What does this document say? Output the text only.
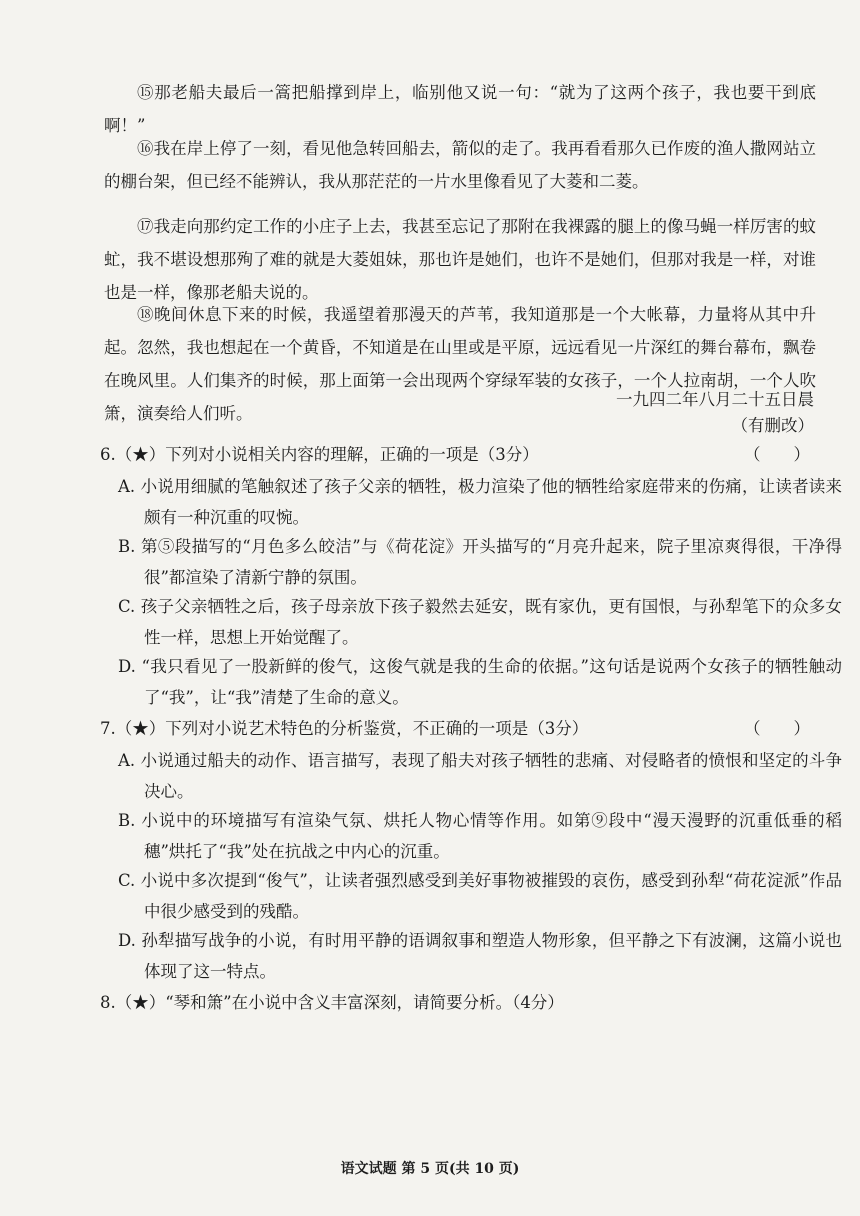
⑮那老船夫最后一篙把船撑到岸上，临别他又说一句：“就为了这两个孩子，我也要干到底啊！”

⑯我在岸上停了一刻，看见他急转回船去，箭似的走了。我再看看那久已作废的渔人撒网站立的棚台架，但已经不能辨认，我从那茫茫的一片水里像看见了大菱和二菱。

⑰我走向那约定工作的小庄子上去，我甚至忘记了那附在我裸露的腿上的像马蝇一样厉害的蚊虻，我不堪设想那殉了难的就是大菱姐妹，那也许是她们，也许不是她们，但那对我是一样，对谁也是一样，像那老船夫说的。

⑱晚间休息下来的时候，我遥望着那漫天的芦苇，我知道那是一个大帐幕，力量将从其中升起。忽然，我也想起在一个黄昏，不知道是在山里或是平原，远远看见一片深红的舞台幕布，飘卷在晚风里。人们集齐的时候，那上面第一会出现两个穿绿军装的女孩子，一个人拉南胡，一个人吹箫，演奏给人们听。

一九四二年八月二十五日晨

（有删改）

6.（★）下列对小说相关内容的理解，正确的一项是（3分）	（　　）

A. 小说用细腻的笔触叙述了孩子父亲的牺牲，极力渲染了他的牺牲给家庭带来的伤痛，让读者读来颇有一种沉重的叹惋。

B. 第⑤段描写的“月色多么皎洁”与《荷花淀》开头描写的“月亮升起来，院子里凉爽得很，干净得很”都渲染了清新宁静的氛围。

C. 孩子父亲牺牲之后，孩子母亲放下孩子毅然去延安，既有家仇，更有国恨，与孙犁笔下的众多女性一样，思想上开始觉醒了。

D. “我只看见了一股新鲜的俊气，这俊气就是我的生命的依据。”这句话是说两个女孩子的牺牲触动了“我”，让“我”清楚了生命的意义。

7.（★）下列对小说艺术特色的分析鉴赏，不正确的一项是（3分）	（　　）

A. 小说通过船夫的动作、语言描写，表现了船夫对孩子牺牲的悲痛、对侵略者的愤恨和坚定的斗争决心。

B. 小说中的环境描写有渲染气氛、烘托人物心情等作用。如第⑨段中“漫天漫野的沉重低垂的稻穗”烘托了“我”处在抗战之中内心的沉重。

C. 小说中多次提到“俊气”，让读者强烈感受到美好事物被摧毁的哀伤，感受到孙犁“荷花淀派”作品中很少感受到的残酷。

D. 孙犁描写战争的小说，有时用平静的语调叙事和塑造人物形象，但平静之下有波澜，这篇小说也体现了这一特点。

8.（★）“琴和箫”在小说中含义丰富深刻，请简要分析。（4分）
语文试题 第 5 页(共 10 页)
